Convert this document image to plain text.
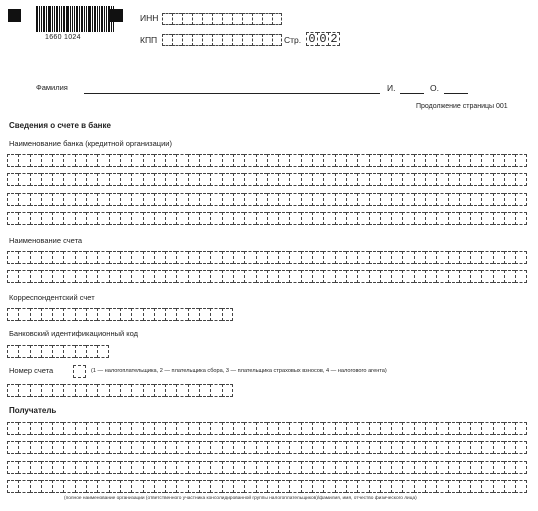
1660 1024
ИНН
КПП	Стр. 0 0 2
Фамилия	И.	О.
Продолжение страницы 001
Сведения о счете в банке
Наименование банка (кредитной организации)
Наименование счета
Корреспондентский счет
Банковский идентификационный код
Номер счета	(1 — налогоплательщика, 2 — плательщика сбора, 3 — плательщика страховых взносов, 4 — налогового агента)
Получатель
(полное наименование организации (ответственного участника консолидированной группы налогоплательщиков)/фамилия, имя, отчество физического лица)
